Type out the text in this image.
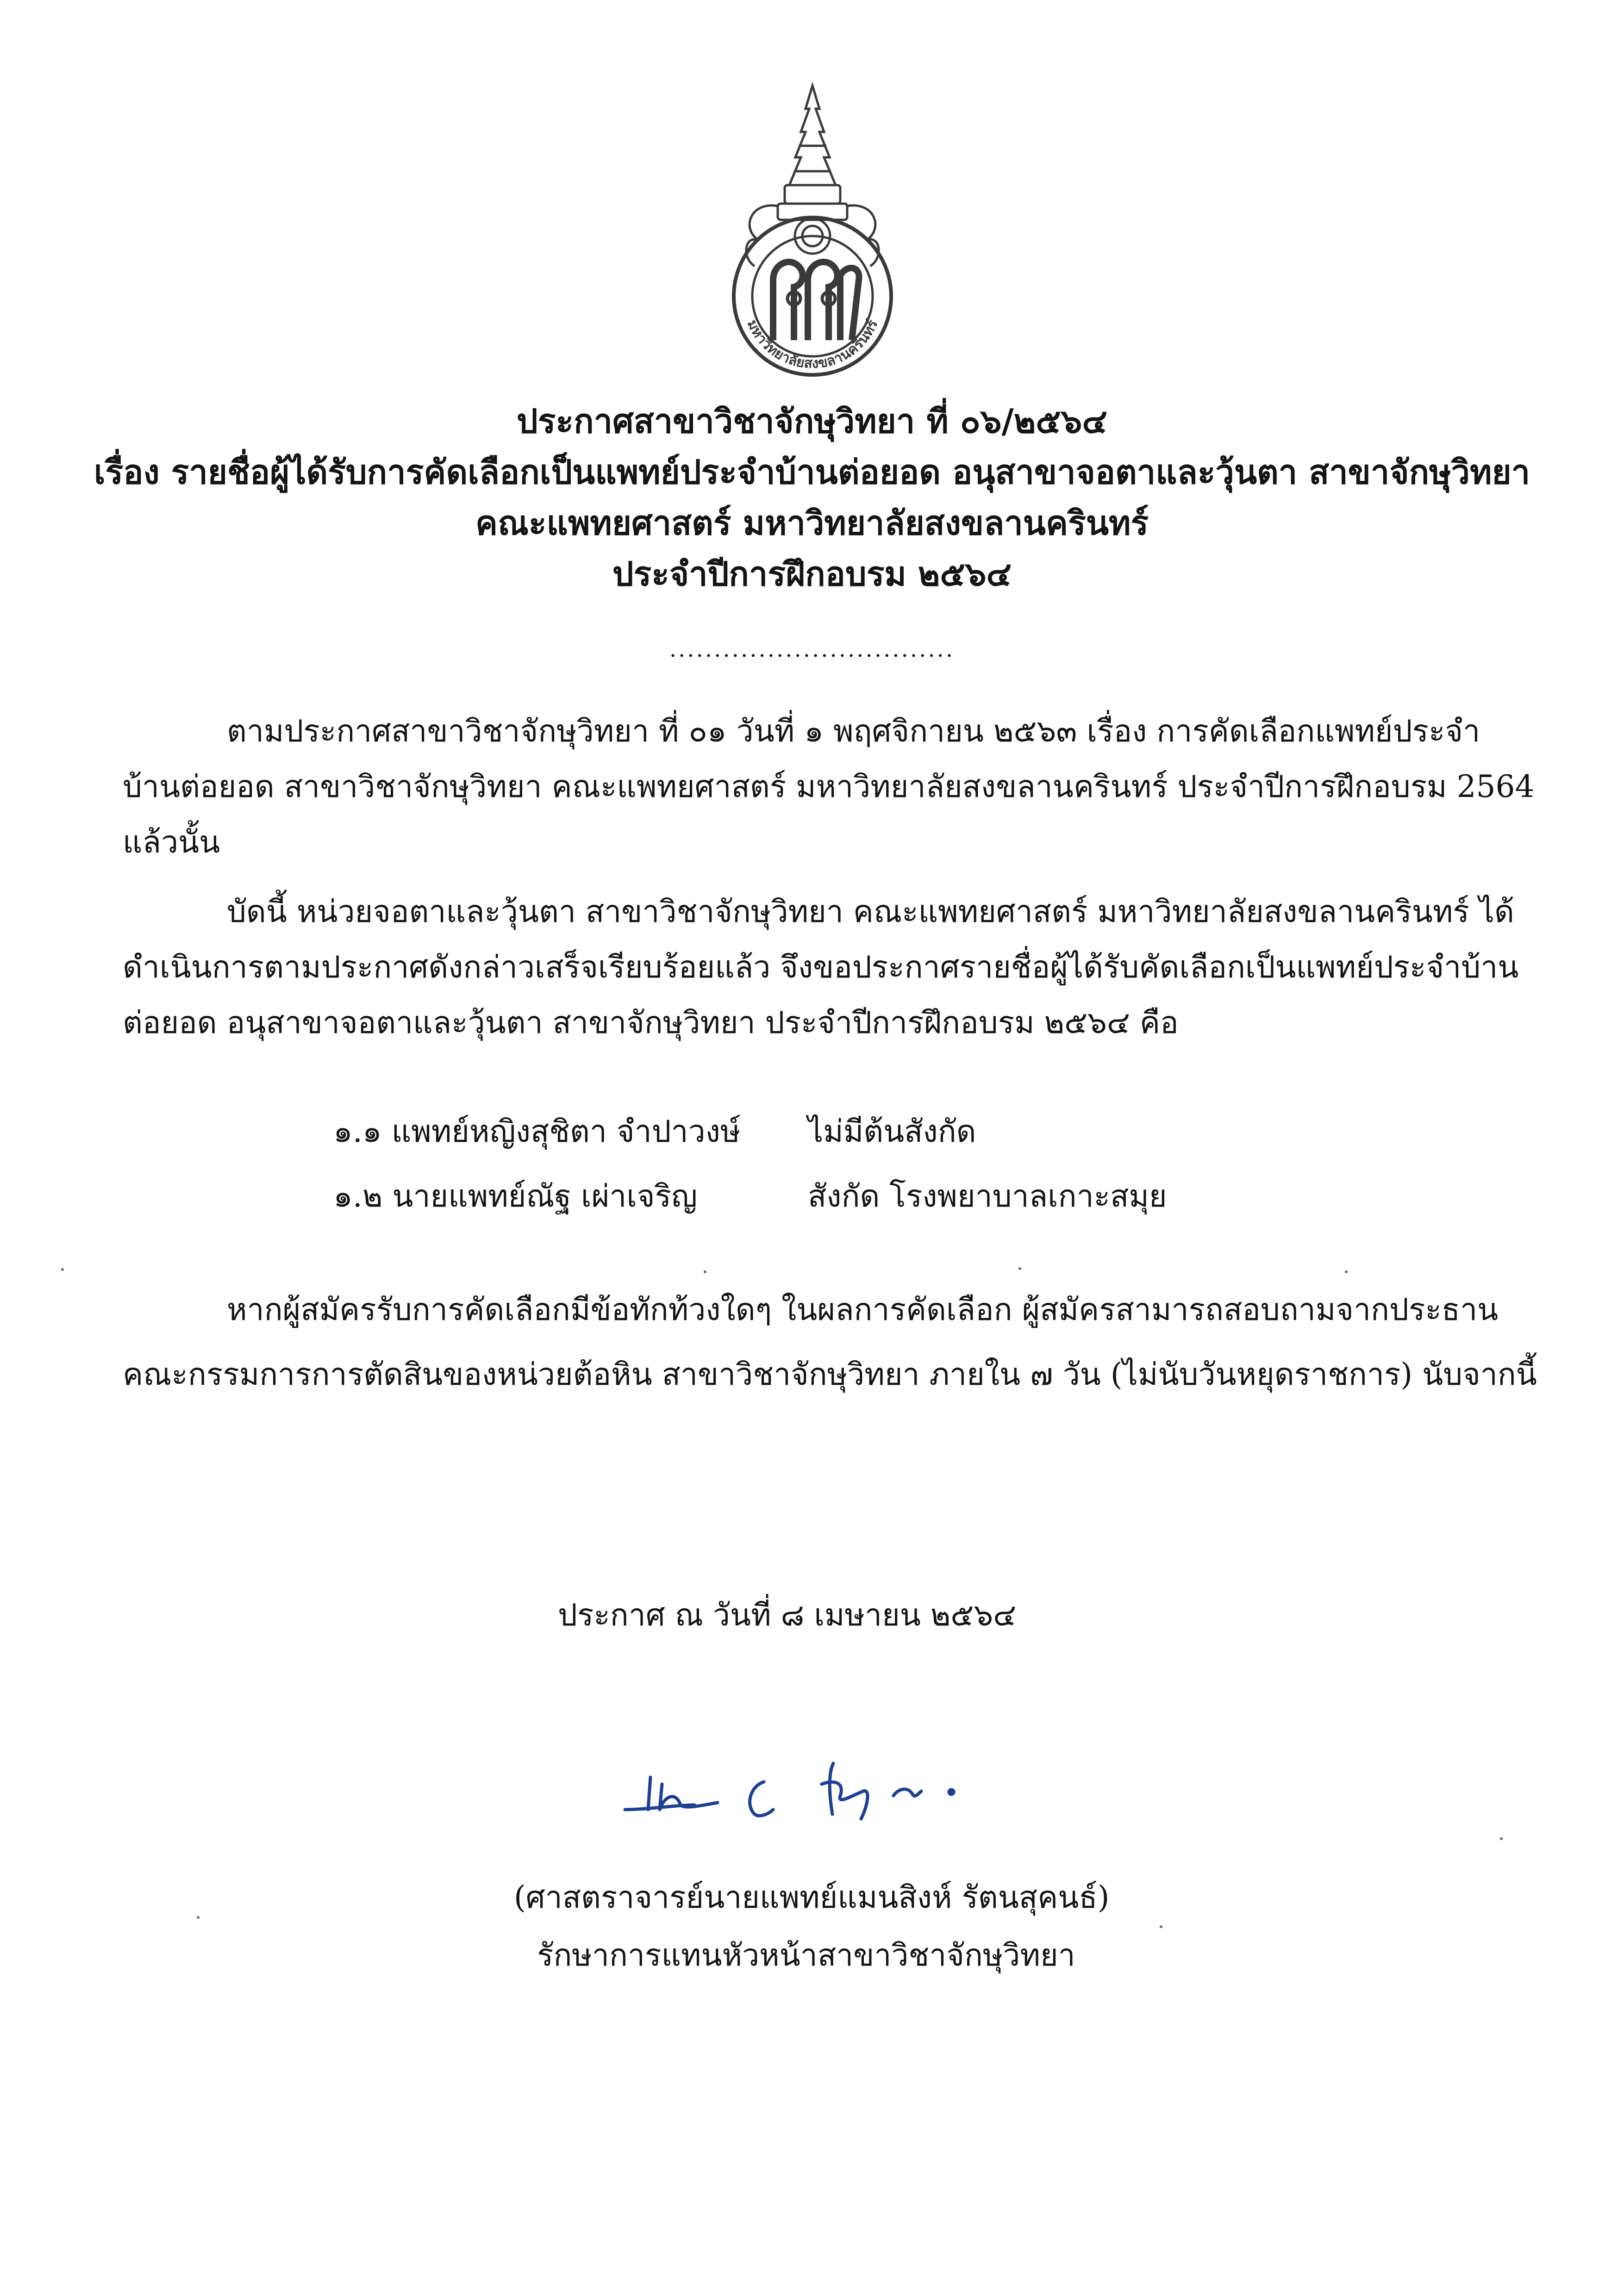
มหาวิทยาลัยสงขลานครินทร์
ประกาศสาขาวิชาจักษุวิทยา ที่ ๐๖/๒๕๖๔
เรื่อง รายชื่อผู้ได้รับการคัดเลือกเป็นแพทย์ประจำบ้านต่อยอด อนุสาขาจอตาและวุ้นตา สาขาจักษุวิทยา
คณะแพทยศาสตร์ มหาวิทยาลัยสงขลานครินทร์
ประจำปีการฝึกอบรม ๒๕๖๔
................................
ตามประกาศสาขาวิชาจักษุวิทยา ที่ ๐๑ วันที่ ๑ พฤศจิกายน ๒๕๖๓ เรื่อง การคัดเลือกแพทย์ประจำ
บ้านต่อยอด สาขาวิชาจักษุวิทยา คณะแพทยศาสตร์ มหาวิทยาลัยสงขลานครินทร์ ประจำปีการฝึกอบรม 2564
แล้วนั้น
บัดนี้ หน่วยจอตาและวุ้นตา สาขาวิชาจักษุวิทยา คณะแพทยศาสตร์ มหาวิทยาลัยสงขลานครินทร์ ได้
ดำเนินการตามประกาศดังกล่าวเสร็จเรียบร้อยแล้ว จึงขอประกาศรายชื่อผู้ได้รับคัดเลือกเป็นแพทย์ประจำบ้าน
ต่อยอด อนุสาขาจอตาและวุ้นตา สาขาจักษุวิทยา ประจำปีการฝึกอบรม ๒๕๖๔ คือ
๑.๑ แพทย์หญิงสุชิตา จำปาวงษ์ ไม่มีต้นสังกัด
๑.๒ นายแพทย์ณัฐ เผ่าเจริญ	สังกัด โรงพยาบาลเกาะสมุย
หากผู้สมัครรับการคัดเลือกมีข้อทักท้วงใดๆ ในผลการคัดเลือก ผู้สมัครสามารถสอบถามจากประธาน
คณะกรรมการการตัดสินของหน่วยต้อหิน สาขาวิชาจักษุวิทยา ภายใน ๗ วัน (ไม่นับวันหยุดราชการ) นับจากนี้
ประกาศ ณ วันที่ ๘ เมษายน ๒๕๖๔
(ศาสตราจารย์นายแพทย์แมนสิงห์ รัตนสุคนธ์)
รักษาการแทนหัวหน้าสาขาวิชาจักษุวิทยา
